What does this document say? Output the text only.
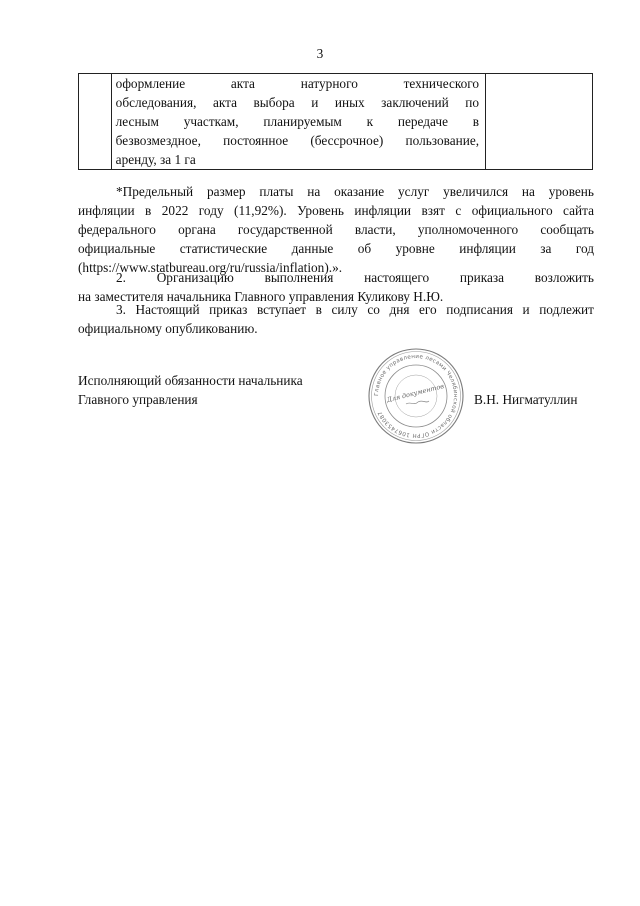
3

оформление акта натурного технического
обследования, акта выбора и иных заключений по
лесным участкам, планируемым к передаче в
безвозмездное, постоянное (бессрочное) пользование,
аренду, за 1 га

*Предельный размер платы на оказание услуг увеличился на уровень
инфляции в 2022 году (11,92%). Уровень инфляции взят с официального сайта
федерального органа государственной власти, уполномоченного сообщать
официальные статистические данные об уровне инфляции за год
(https://www.statbureau.org/ru/russia/inflation).».
2. Организацию выполнения настоящего приказа возложить
на заместителя начальника Главного управления Куликову Н.Ю.
3. Настоящий приказ вступает в силу со дня его подписания и подлежит
официальному опубликованию.
Исполняющий обязанности начальника
Главного управления	Главное управление лесами Челябинской области ОГРН 1067453087
Для документов В.Н. Нигматуллин
